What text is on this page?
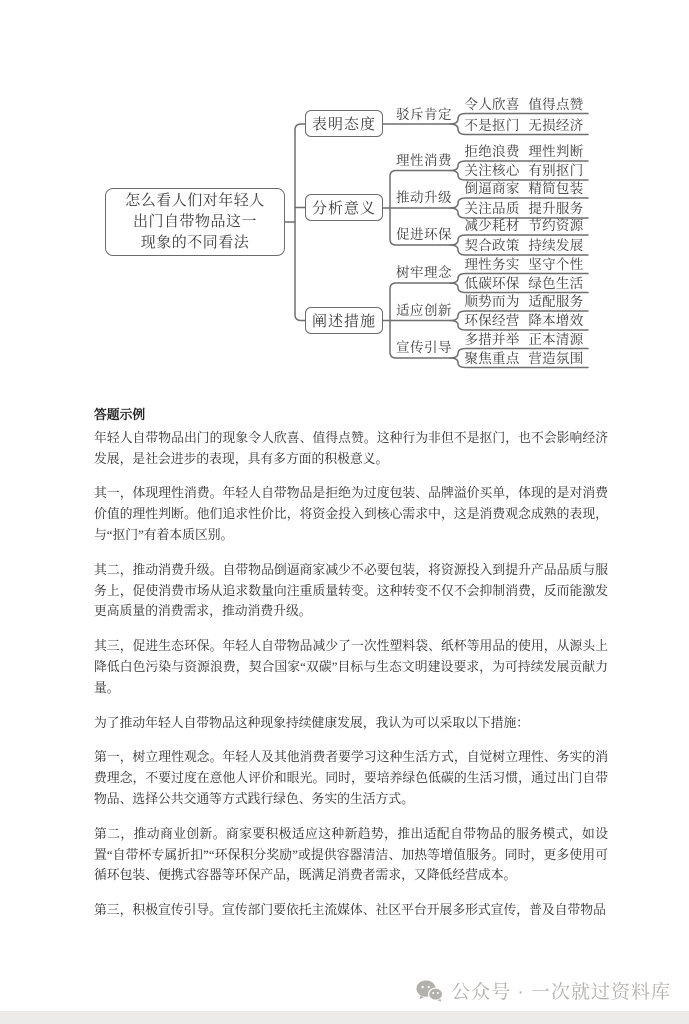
怎么看人们对年轻人
出门自带物品这一
现象的不同看法
表明态度
分析意义
阐述措施
驳斥肯定
理性消费
推动升级
促进环保
树牢理念
适应创新
宣传引导
令人欣喜 值得点赞
不是抠门 无损经济
拒绝浪费 理性判断
关注核心 有别抠门
倒逼商家 精简包装
关注品质 提升服务
减少耗材 节约资源
契合政策 持续发展
理性务实 坚守个性
低碳环保 绿色生活
顺势而为 适配服务
环保经营 降本增效
多措并举 正本清源
聚焦重点 营造氛围
答题示例

年轻人自带物品出门的现象令人欣喜、值得点赞。这种行为非但不是抠门，也不会影响经济发展，是社会进步的表现，具有多方面的积极意义。

其一，体现理性消费。年轻人自带物品是拒绝为过度包装、品牌溢价买单，体现的是对消费价值的理性判断。他们追求性价比，将资金投入到核心需求中，这是消费观念成熟的表现，与“抠门”有着本质区别。

其二，推动消费升级。自带物品倒逼商家减少不必要包装，将资源投入到提升产品品质与服务上，促使消费市场从追求数量向注重质量转变。这种转变不仅不会抑制消费，反而能激发更高质量的消费需求，推动消费升级。

其三，促进生态环保。年轻人自带物品减少了一次性塑料袋、纸杯等用品的使用，从源头上降低白色污染与资源浪费，契合国家“双碳”目标与生态文明建设要求，为可持续发展贡献力量。

为了推动年轻人自带物品这种现象持续健康发展，我认为可以采取以下措施：

第一，树立理性观念。年轻人及其他消费者要学习这种生活方式，自觉树立理性、务实的消费理念，不要过度在意他人评价和眼光。同时，要培养绿色低碳的生活习惯，通过出门自带物品、选择公共交通等方式践行绿色、务实的生活方式。

第二，推动商业创新。商家要积极适应这种新趋势，推出适配自带物品的服务模式，如设置“自带杯专属折扣”“环保积分奖励”或提供容器清洁、加热等增值服务。同时，更多使用可循环包装、便携式容器等环保产品，既满足消费者需求，又降低经营成本。

第三，积极宣传引导。宣传部门要依托主流媒体、社区平台开展多形式宣传，普及自带物品

公众号 · 一次就过资料库
